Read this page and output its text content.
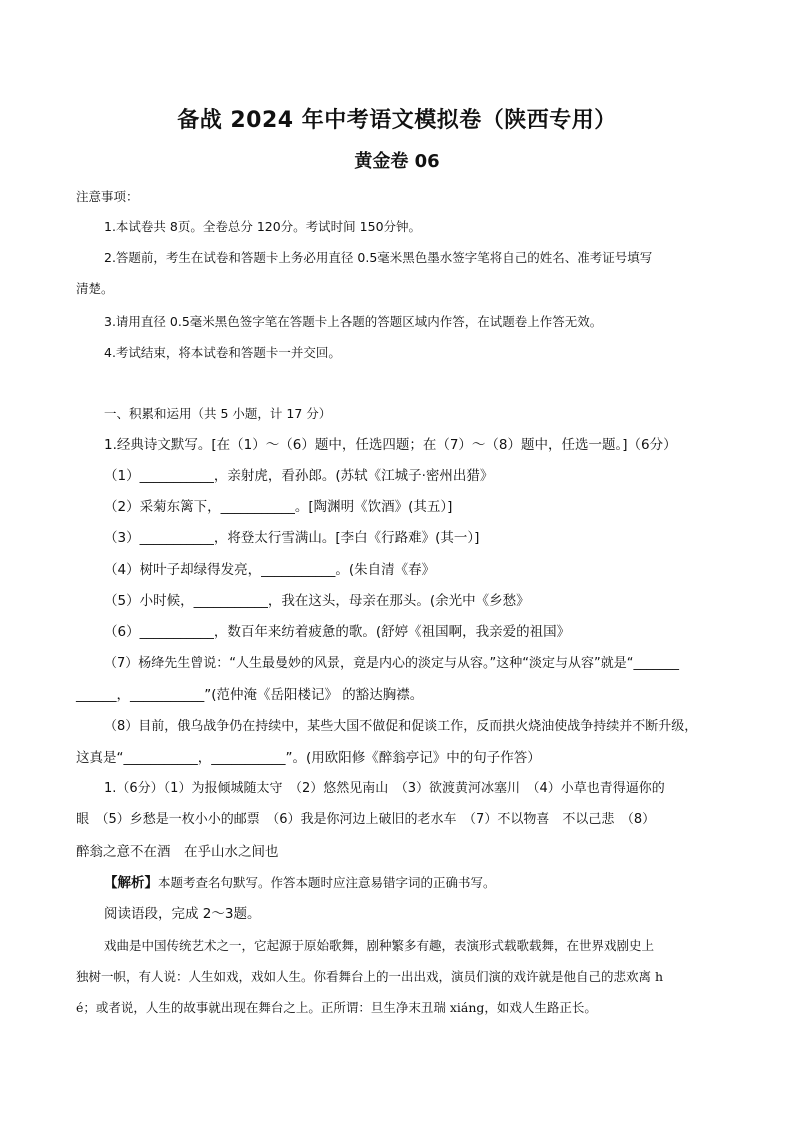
备战 2024 年中考语文模拟卷（陕西专用）
黄金卷 06
注意事项：
1.本试卷共 8页。全卷总分 120分。考试时间 150分钟。
2.答题前，考生在试卷和答题卡上务必用直径 0.5毫米黑色墨水签字笔将自己的姓名、准考证号填写
清楚。
3.请用直径 0.5毫米黑色签字笔在答题卡上各题的答题区域内作答，在试题卷上作答无效。
4.考试结束，将本试卷和答题卡一并交回。
一、积累和运用（共 5 小题，计 17 分）
1.经典诗文默写。[在（1）～（6）题中，任选四题；在（7）～（8）题中，任选一题。]（6分）
（1）___________，亲射虎，看孙郎。(苏轼《江城子·密州出猎》
（2）采菊东篱下，___________。[陶渊明《饮酒》(其五）]
（3）___________，将登太行雪满山。[李白《行路难》(其一）]
（4）树叶子却绿得发亮，___________。(朱自清《春》
（5）小时候，___________，我在这头，母亲在那头。(余光中《乡愁》
（6）___________，数百年来纺着疲惫的歌。(舒婷《祖国啊，我亲爱的祖国》
（7）杨绛先生曾说：“人生最曼妙的风景，竟是内心的淡定与从容。”这种“淡定与从容”就是“_______
______，___________”(范仲淹《岳阳楼记》 的豁达胸襟。
（8）目前，俄乌战争仍在持续中，某些大国不做促和促谈工作，反而拱火烧油使战争持续并不断升级，
这真是“___________，___________”。(用欧阳修《醉翁亭记》中的句子作答）
1.（6分）（1）为报倾城随太守　（2）悠然见南山　（3）欲渡黄河冰塞川　（4）小草也青得逼你的
眼　（5）乡愁是一枚小小的邮票　（6）我是你河边上破旧的老水车　（7）不以物喜　不以己悲　（8）
醉翁之意不在酒　在乎山水之间也
【解析】本题考查名句默写。作答本题时应注意易错字词的正确书写。
阅读语段，完成 2～3题。
戏曲是中国传统艺术之一，它起源于原始歌舞，剧种繁多有趣，表演形式载歌载舞，在世界戏剧史上
独树一帜，有人说：人生如戏，戏如人生。你看舞台上的一出出戏，演员们演的戏许就是他自己的悲欢离 h
é；或者说，人生的故事就出现在舞台之上。正所谓：旦生净末丑瑞 xiáng，如戏人生路正长。
